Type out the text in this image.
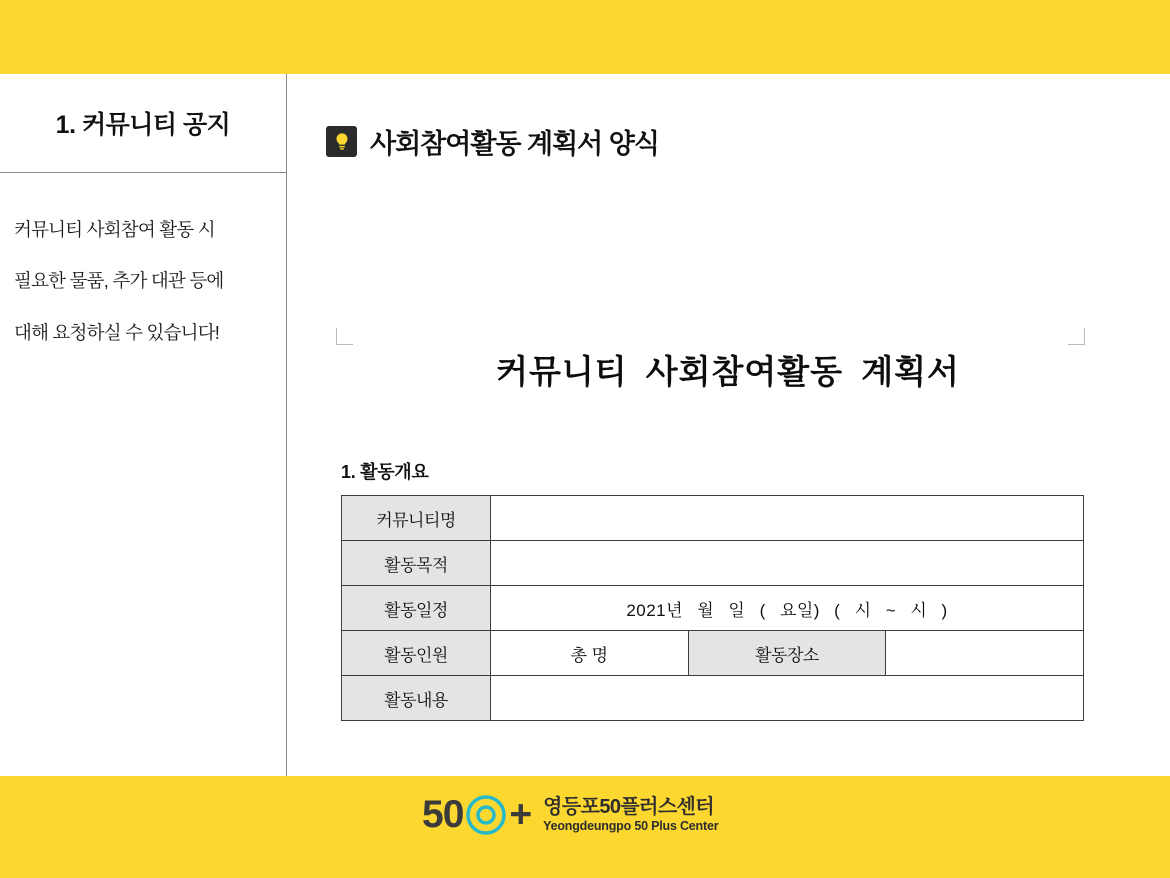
1. 커뮤니티 공지

커뮤니티 사회참여 활동 시

필요한 물품, 추가 대관 등에

대해 요청하실 수 있습니다!

사회참여활동 계획서 양식
커뮤니티 사회참여활동 계획서
1. 활동개요
커뮤니티명			
활동목적			
활동일정	2021년 월 일 ( 요일) ( 시 ~ 시 )		
활동인원	총 명	활동장소	
활동내용			
50 + 영등포50플러스센터
Yeongdeungpo 50 Plus Center
